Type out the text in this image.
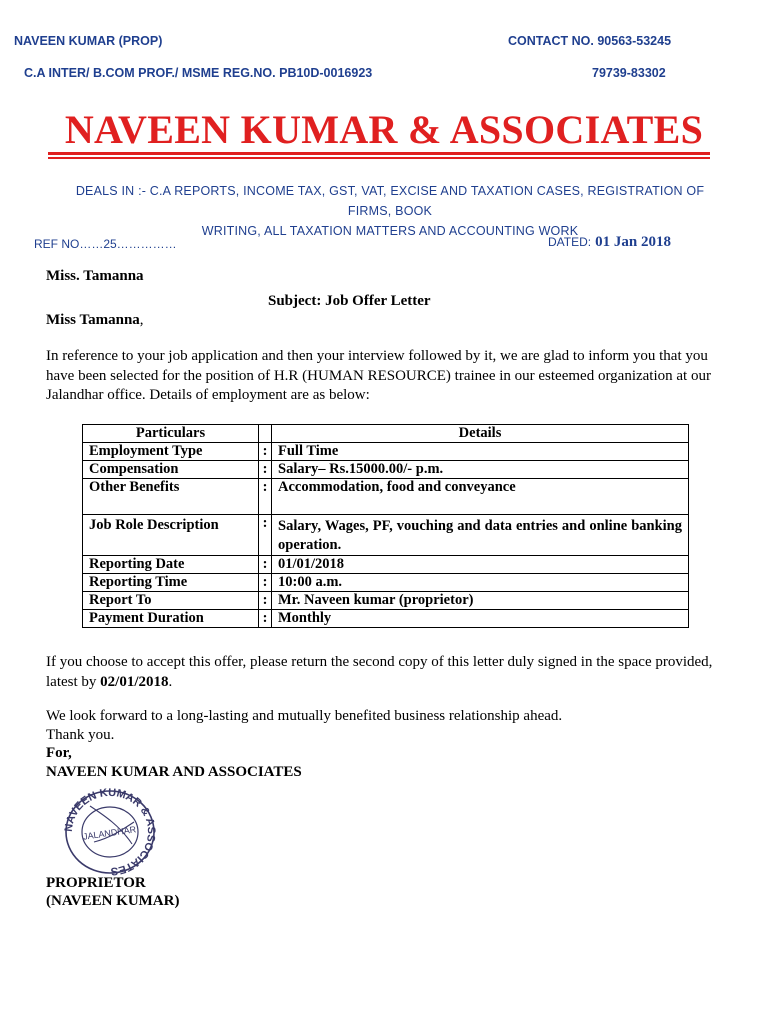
NAVEEN KUMAR (PROP)	CONTACT NO. 90563-53245
C.A INTER/ B.COM PROF./ MSME REG.NO. PB10D-0016923	79739-83302
NAVEEN KUMAR & ASSOCIATES
DEALS IN :- C.A REPORTS, INCOME TAX, GST, VAT, EXCISE AND TAXATION CASES, REGISTRATION OF FIRMS, BOOK
WRITING, ALL TAXATION MATTERS AND ACCOUNTING WORK
REF NO……25……………	DATED: 01 Jan 2018
Miss. Tamanna
Subject: Job Offer Letter
Miss Tamanna,
In reference to your job application and then your interview followed by it, we are glad to inform you that you have been selected for the position of H.R (HUMAN RESOURCE) trainee in our esteemed organization at our Jalandhar office. Details of employment are as below:
Particulars		Details
Employment Type	:	Full Time
Compensation	:	Salary– Rs.15000.00/- p.m.
Other Benefits	:	Accommodation, food and conveyance
Job Role Description	:	Salary, Wages, PF, vouching and data entries and online banking operation.
Reporting Date	:	01/01/2018
Reporting Time	:	10:00 a.m.
Report To	:	Mr. Naveen kumar (proprietor)
Payment Duration	:	Monthly
If you choose to accept this offer, please return the second copy of this letter duly signed in the space provided, latest by 02/01/2018.
We look forward to a long-lasting and mutually benefited business relationship ahead.
Thank you.
For,
NAVEEN KUMAR AND ASSOCIATES
NAVEEN KUMAR & ASSOCIATES
JALANDHAR
PROPRIETOR
(NAVEEN KUMAR)
